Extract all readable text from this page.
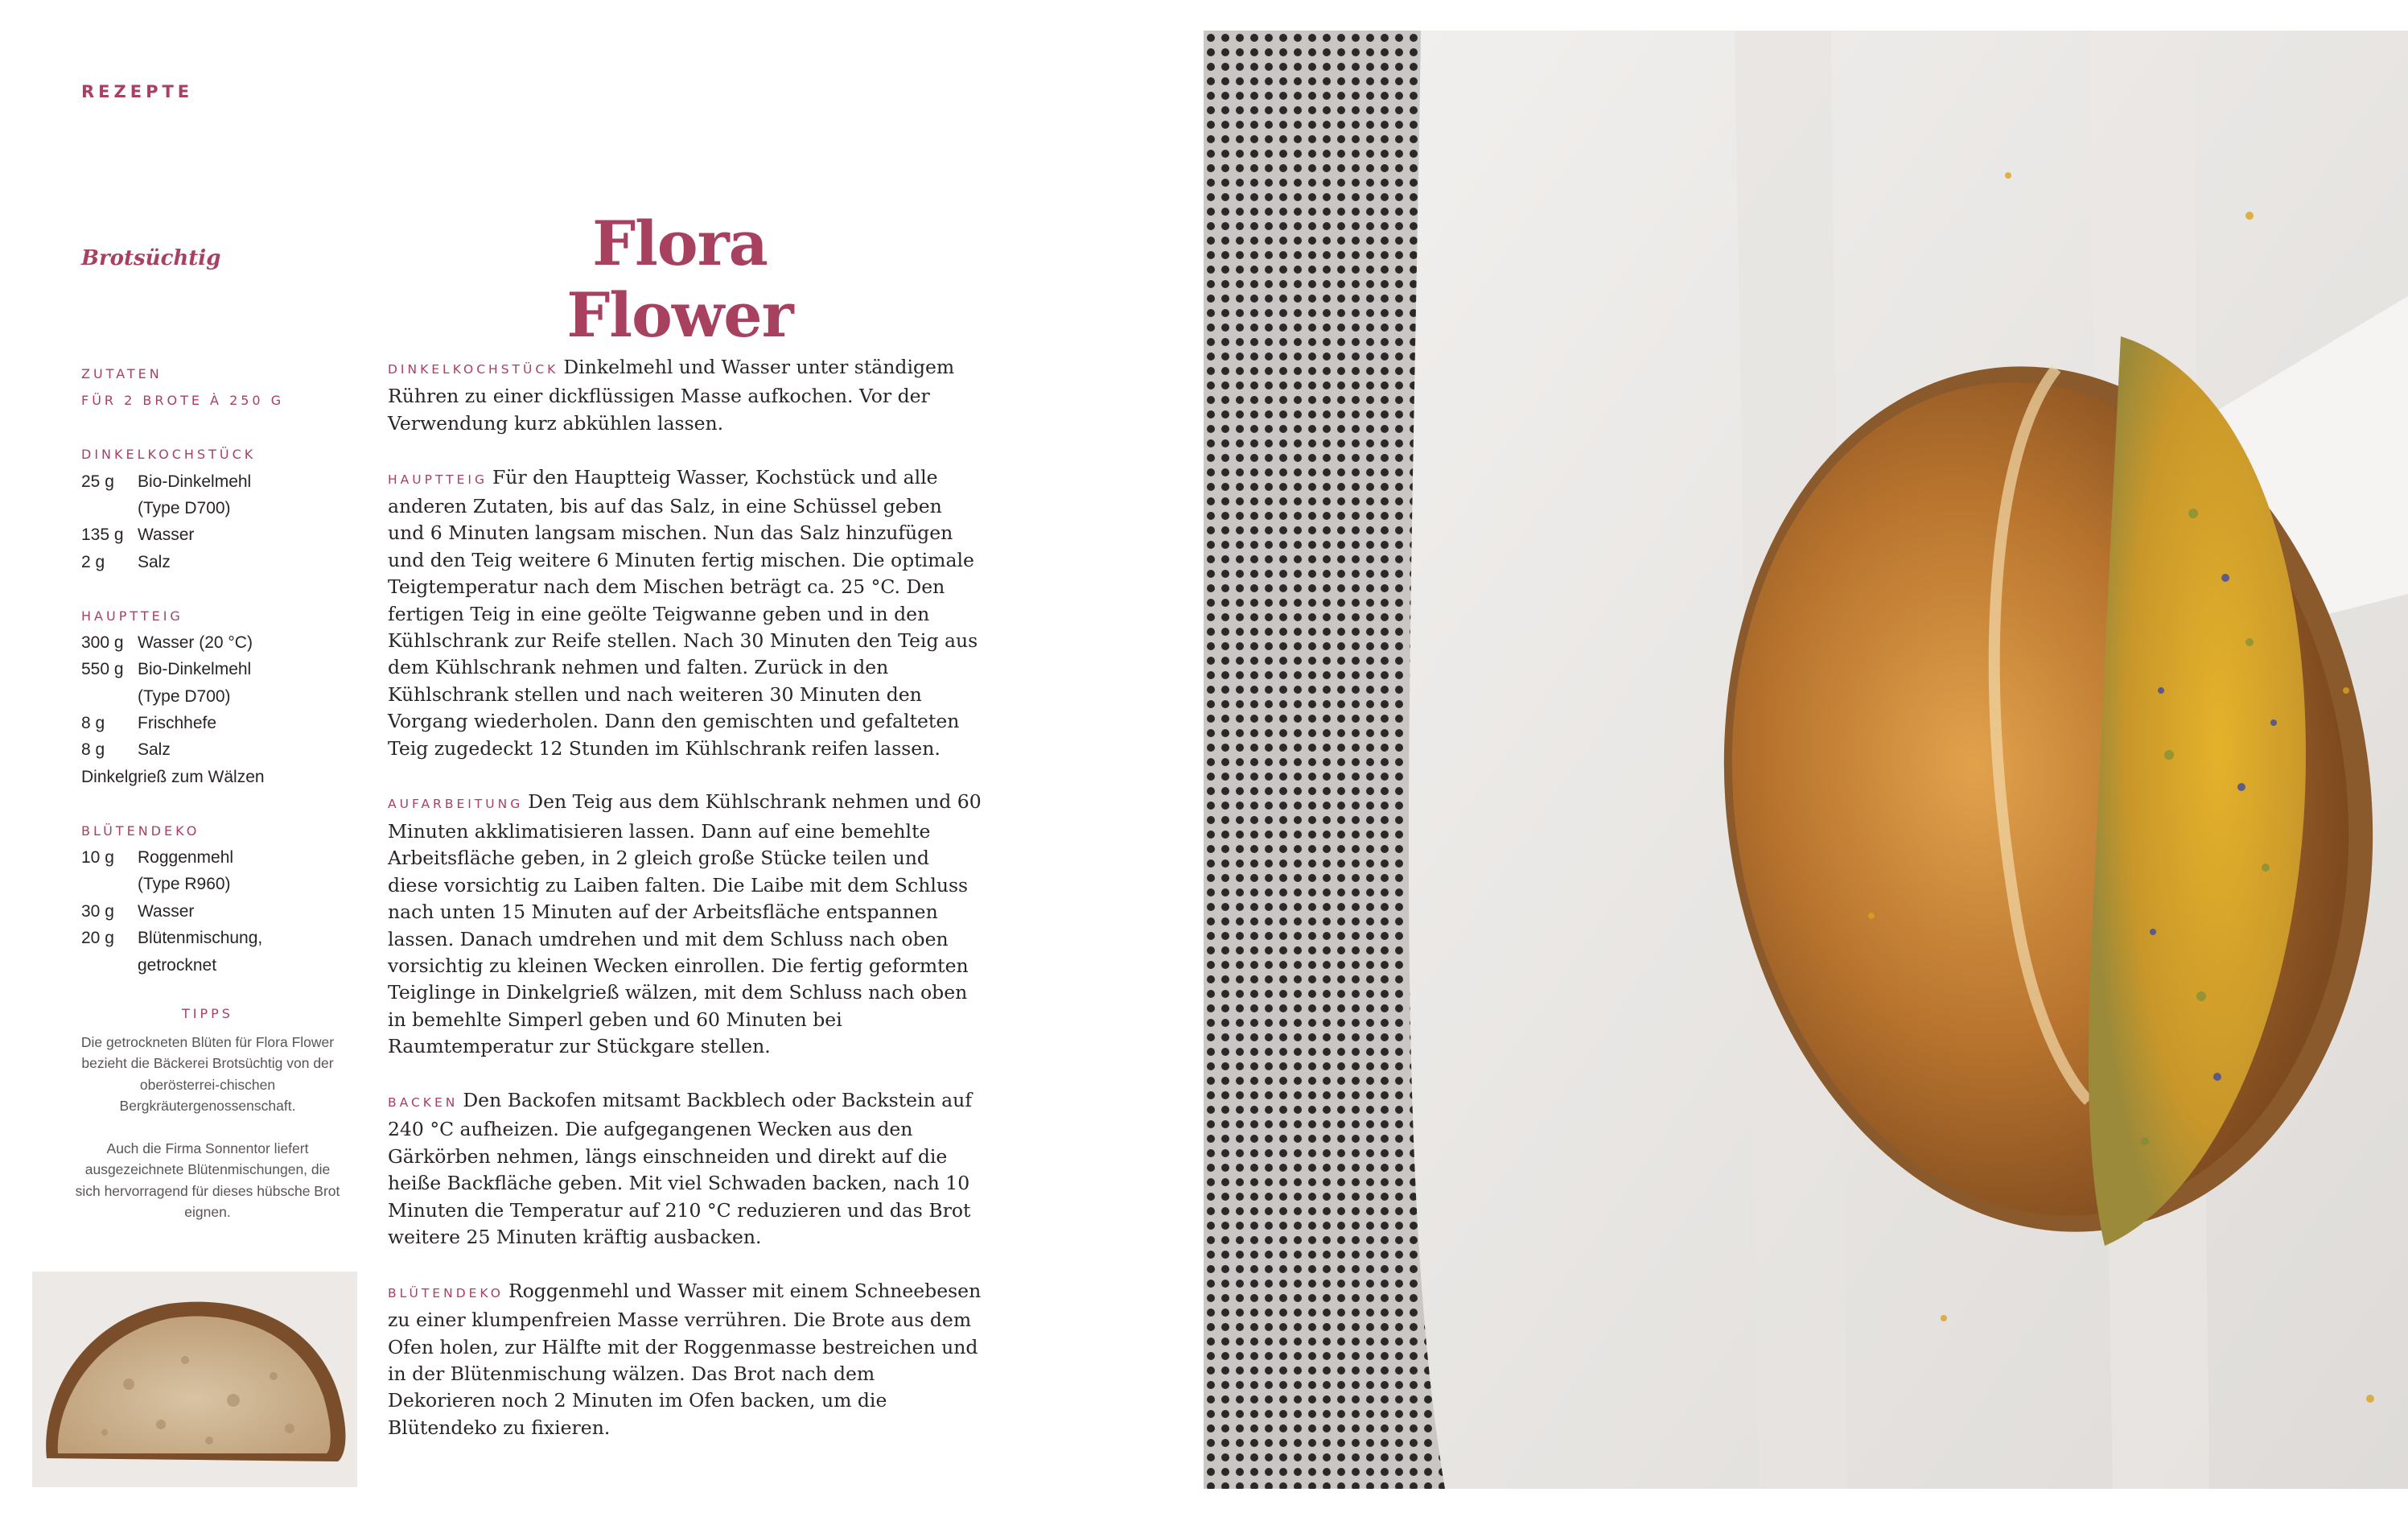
REZEPTE
Brotsüchtig	Flora Flower
ZUTATEN
FÜR 2 BROTE À 250 G
DINKELKOCHSTÜCK
25 g	Bio-Dinkelmehl
(Type D700)
135 g Wasser
2 g	Salz
HAUPTTEIG
300 g Wasser (20 °C)
550 g Bio-Dinkelmehl
(Type D700)
8 g	Frischhefe
8 g	Salz
Dinkelgrieß zum Wälzen
BLÜTENDEKO
10 g	Roggenmehl
(Type R960)
30 g	Wasser
20 g	Blütenmischung,
getrocknet
TIPPS

Die getrockneten Blüten für Flora Flower bezieht die Bäckerei Brotsüchtig von der oberösterrei-chischen Bergkräutergenossenschaft.

Auch die Firma Sonnentor liefert ausgezeichnete Blütenmischungen, die sich hervorragend für dieses hübsche Brot eignen.

DINKELKOCHSTÜCK Dinkelmehl und Wasser unter ständigem Rühren zu einer dickflüssigen Masse aufkochen. Vor der Verwendung kurz abkühlen lassen.

HAUPTTEIG Für den Hauptteig Wasser, Kochstück und alle anderen Zutaten, bis auf das Salz, in eine Schüssel geben und 6 Minuten langsam mischen. Nun das Salz hinzufügen und den Teig weitere 6 Minuten fertig mischen. Die optimale Teigtemperatur nach dem Mischen beträgt ca. 25 °C. Den fertigen Teig in eine geölte Teigwanne geben und in den Kühlschrank zur Reife stellen. Nach 30 Minuten den Teig aus dem Kühlschrank nehmen und falten. Zurück in den Kühlschrank stellen und nach weiteren 30 Minuten den Vorgang wiederholen. Dann den gemischten und gefalteten Teig zugedeckt 12 Stunden im Kühlschrank reifen lassen.

AUFARBEITUNG Den Teig aus dem Kühlschrank nehmen und 60 Minuten akklimatisieren lassen. Dann auf eine bemehlte Arbeitsfläche geben, in 2 gleich große Stücke teilen und diese vorsichtig zu Laiben falten. Die Laibe mit dem Schluss nach unten 15 Minuten auf der Arbeitsfläche entspannen lassen. Danach umdrehen und mit dem Schluss nach oben vorsichtig zu kleinen Wecken einrollen. Die fertig geformten Teiglinge in Dinkelgrieß wälzen, mit dem Schluss nach oben in bemehlte Simperl geben und 60 Minuten bei Raumtemperatur zur Stückgare stellen.

BACKEN Den Backofen mitsamt Backblech oder Backstein auf 240 °C aufheizen. Die aufgegangenen Wecken aus den Gärkörben nehmen, längs einschneiden und direkt auf die heiße Backfläche geben. Mit viel Schwaden backen, nach 10 Minuten die Temperatur auf 210 °C reduzieren und das Brot weitere 25 Minuten kräftig ausbacken.

BLÜTENDEKO Roggenmehl und Wasser mit einem Schneebesen zu einer klumpenfreien Masse verrühren. Die Brote aus dem Ofen holen, zur Hälfte mit der Roggenmasse bestreichen und in der Blütenmischung wälzen. Das Brot nach dem Dekorieren noch 2 Minuten im Ofen backen, um die Blütendeko zu fixieren.
